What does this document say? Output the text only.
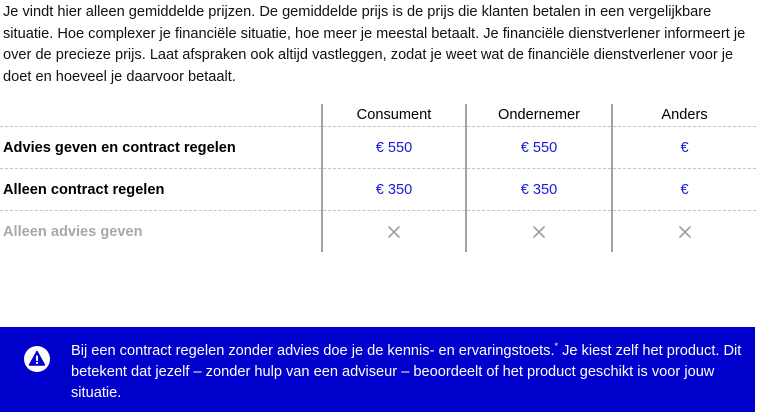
Je vindt hier alleen gemiddelde prijzen. De gemiddelde prijs is de prijs die klanten betalen in een vergelijkbare situatie. Hoe complexer je financiële situatie, hoe meer je meestal betaalt. Je financiële dienstverlener informeert je over de precieze prijs. Laat afspraken ook altijd vastleggen, zodat je weet wat de financiële dienstverlener voor je doet en hoeveel je daarvoor betaalt.

	Consument	Ondernemer	Anders
Advies geven en contract regelen	€ 550	€ 550	€
Alleen contract regelen	€ 350	€ 350	€
Alleen advies geven			

Bij een contract regelen zonder advies doe je de kennis- en ervaringstoets.* Je kiest zelf het product. Dit betekent dat jezelf – zonder hulp van een adviseur – beoordeelt of het product geschikt is voor jouw situatie.
